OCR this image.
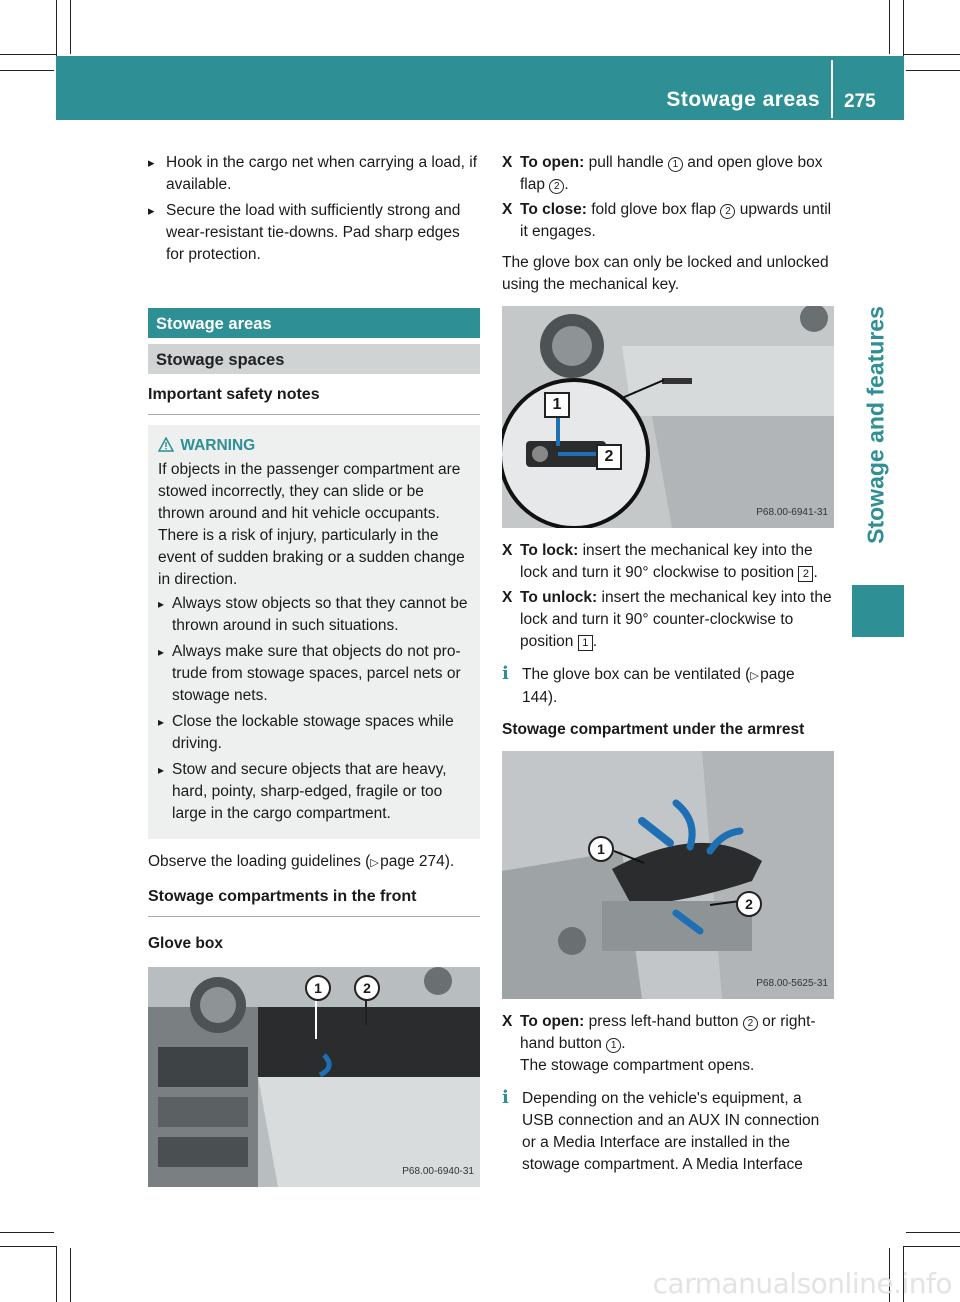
Stowage areas 275
Stowage and features

▸ Hook in the cargo net when carrying a load, if available.

▸ Secure the load with sufficiently strong and wear-resistant tie-downs. Pad sharp edges for protection.

Stowage areas
Stowage spaces
Important safety notes
WARNING
If objects in the passenger compartment are stowed incorrectly, they can slide or be thrown around and hit vehicle occupants. There is a risk of injury, particularly in the event of sudden braking or a sudden change in direction.
▸ Always stow objects so that they cannot be thrown around in such situations.
▸ Always make sure that objects do not pro-trude from stowage spaces, parcel nets or stowage nets.
▸ Close the lockable stowage spaces while driving.
▸ Stow and secure objects that are heavy, hard, pointy, sharp-edged, fragile or too large in the cargo compartment.
Observe the loading guidelines (▷ page 274).
Stowage compartments in the front
Glove box
1	2
P68.00-6940-31
X To open: pull handle 1 and open glove box flap 2 .
X To close: fold glove box flap 2 upwards until it engages.
The glove box can only be locked and unlocked using the mechanical key.
1
2
P68.00-6941-31
X To lock: insert the mechanical key into the lock and turn it 90° clockwise to position 2 .
X To unlock: insert the mechanical key into the lock and turn it 90° counter-clockwise to position 1 .
i The glove box can be ventilated (▷ page 144).
Stowage compartment under the armrest
1
2
P68.00-5625-31
X To open: press left-hand button 2 or right-hand button 1 .
The stowage compartment opens.
i Depending on the vehicle's equipment, a USB connection and an AUX IN connection or a Media Interface are installed in the stowage compartment. A Media Interface
carmanualsonline.info
